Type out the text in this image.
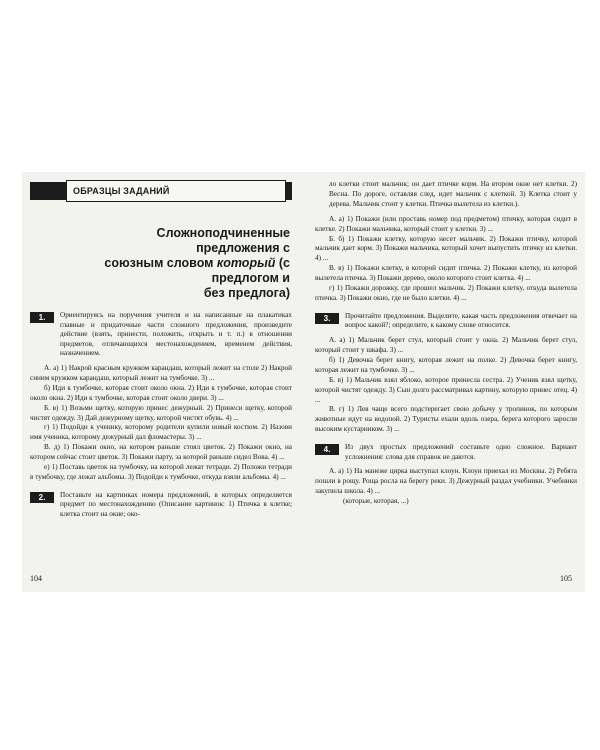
ОБРАЗЦЫ ЗАДАНИЙ
Сложноподчиненные предложения с
союзным словом который (с предлогом и
без предлога)
1.	Ориентируясь на поручения учителя и на написанные на плакатиках главные и придаточные части сложного предложения, произведите действие (взять, принести, положить, открыть и т. п.) в отношении предметов, отличающихся местонахождением, временем действия, назначением.

А. а) 1) Накрой красным кружком карандаш, который лежит на столе 2) Накрой синим кружком карандаш, который лежит на тумбочке. 3) ...

б) Иди к тумбочке, которая стоит около окна. 2) Иди к тумбочке, которая стоит около окна. 2) Иди к тумбочке, которая стоит около двери. 3) ...

Б. в) 1) Возьми щетку, которую принес дежурный. 2) Принеси щетку, которой чистят одежду. 3) Дай дежурному щетку, которой чистят обувь. 4) ...

г) 1) Подойди к ученику, которому родители купили новый костюм. 2) Назови имя ученика, которому дежурный дал фломастеры. 3) ...

В. д) 1) Покажи окно, на котором раньше стоял цветок. 2) Покажи окно, на котором сейчас стоит цветок. 3) Покажи парту, за которой раньше сидел Вова. 4) ...

е) 1) Поставь цветок на тумбочку, на которой лежат тетради. 2) Положи тетради в тумбочку, где лежат альбомы. 3) Подойди к тумбочке, откуда взяли альбомы. 4) ...

2.	Поставьте на картинках номера предложений, в которых определяется предмет по местонахождению (Описание картинок: 1) Птичка в клетке; клетка стоит на окне; око-
104

ло клетки стоит мальчик; он дает птичке корм. На втором окне нет клетки. 2) Весна. По дороге, оставляя след, идет мальчик с клеткой. 3) Клетка стоит у дерева. Мальчик стоит у клетки. Птичка вылетела из клетки.).

А. а) 1) Покажи (или проставь номер под предметом) птичку, которая сидит в клетке. 2) Покажи мальчика, который стоит у клетки. 3) ...

Б. б) 1) Покажи клетку, которую несет мальчик. 2) Покажи птичку, которой мальчик дает корм. 3) Покажи мальчика, который хочет выпустить птичку из клетки. 4) ...

В. в) 1) Покажи клетку, в которой сидит птичка. 2) Покажи клетку, из которой вылетела птичка. 3) Покажи дерево, около которого стоит клетка. 4) ...

г) 1) Покажи дорожку, где прошел мальчик. 2) Покажи клетку, откуда вылетела птичка. 3) Покажи окно, где не было клетки. 4) ...

3.	Прочитайте предложения. Выделите, какая часть предложения отвечает на вопрос какой?; определите, к какому слове относится.

А. а) 1) Мальчик берет стул, который стоит у окна. 2) Мальчик берет стул, который стоит у шкафа. 3) ...

б) 1) Девочка берет книгу, которая лежит на полке. 2) Девочка берет книгу, которая лежит на тумбочке. 3) ...

Б. в) 1) Мальчик взял яблоко, которое принесла сестра. 2) Ученик взял щетку, которой чистят одежду. 3) Сын долго рассматривал картину, которую принес отец. 4) ...

В. г) 1) Лев чаще всего подстерегает свою добычу у тропинок, по которым животные идут на водопой. 2) Туристы ехали вдоль озера, берега которого заросли высоким кустарником. 3) ...

4.	Из двух простых предложений составьте одно сложное. Вариант усложнения: слова для справок не даются.

А. а) 1) На манеже цирка выступал клоун. Клоун приехал из Москвы. 2) Ребята пошли в рощу. Роща росла на берегу реки. 3) Дежурный раздал учебники. Учебники закупила школа. 4) ...

(которые, которая, ...)

105
